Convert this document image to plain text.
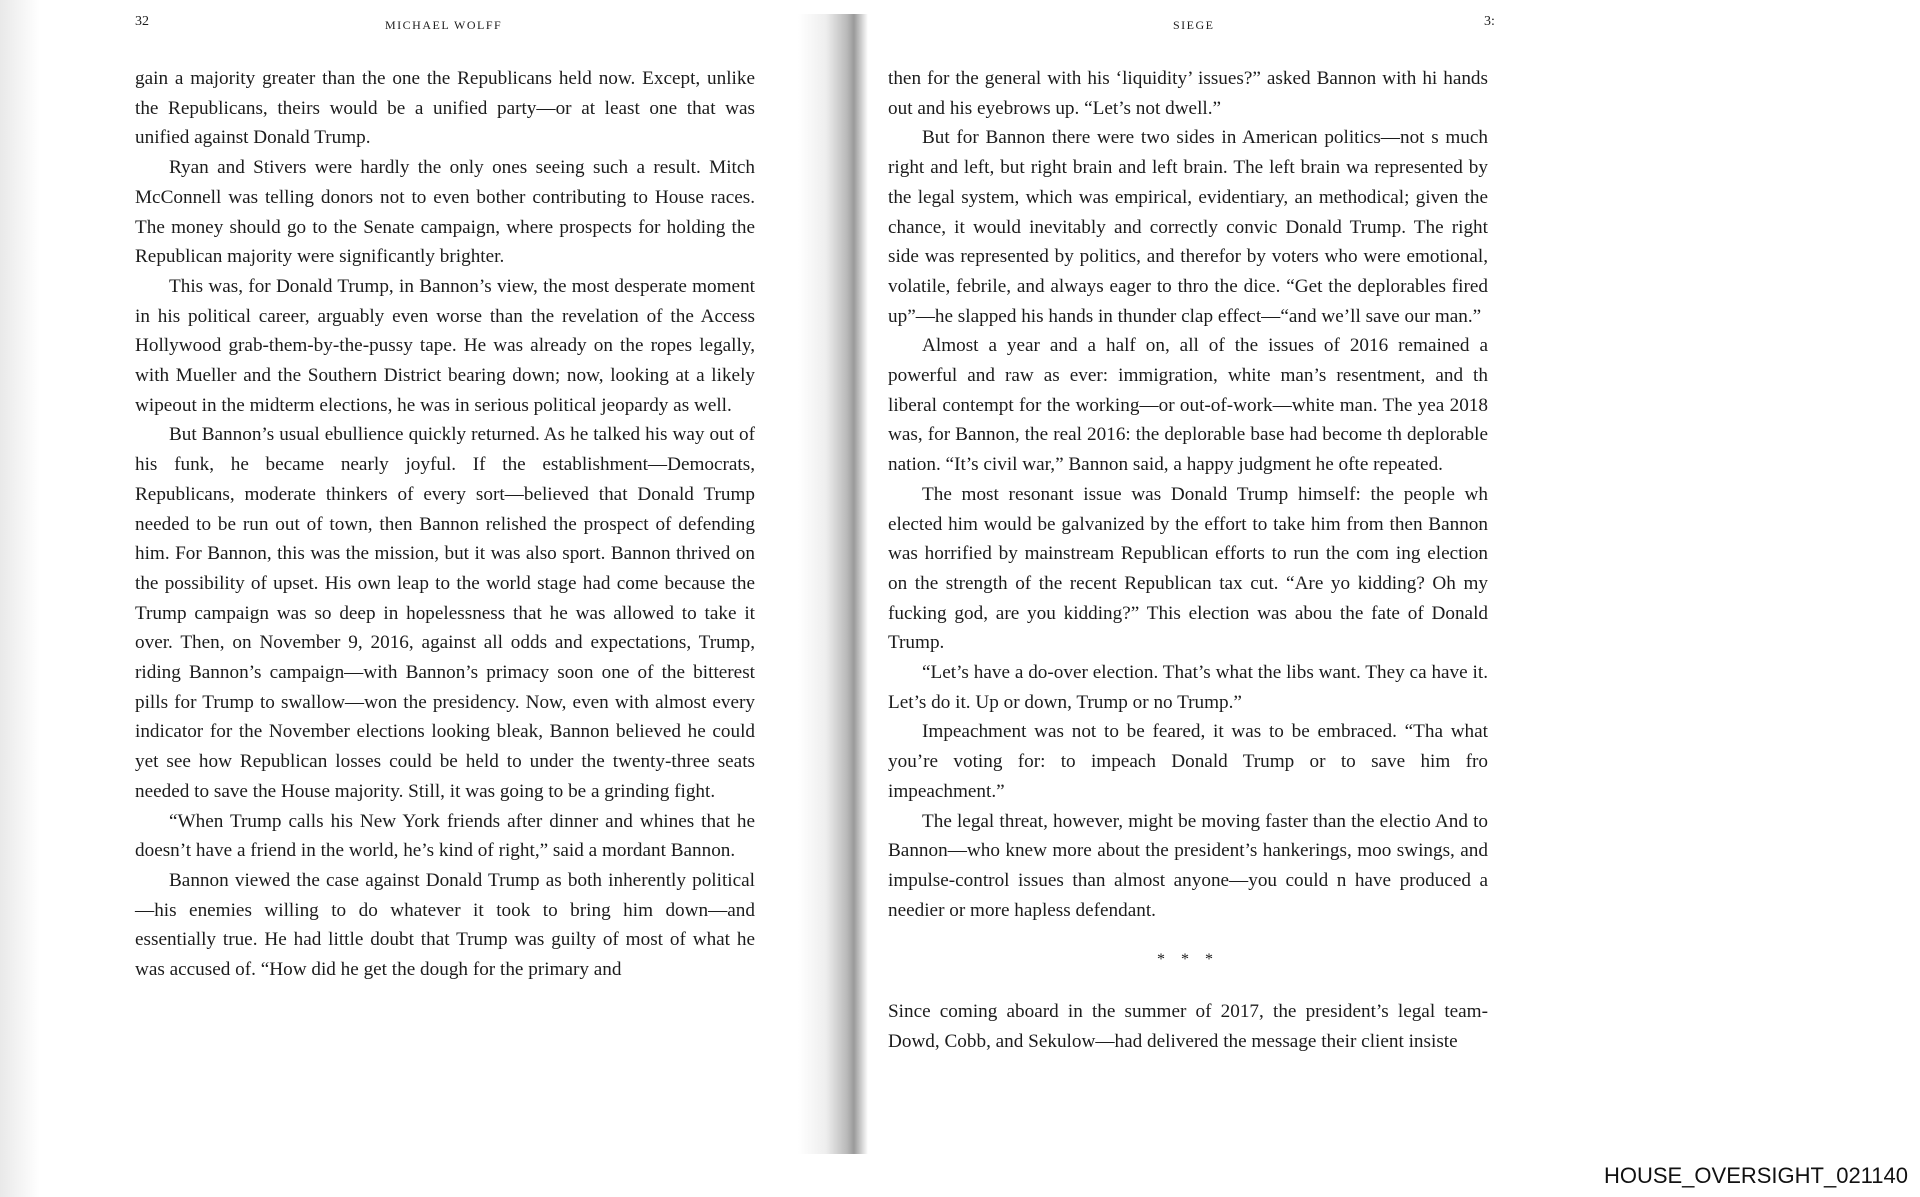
32	MICHAEL WOLFF

gain a majority greater than the one the Republicans held now. Except, unlike the Republicans, theirs would be a unified party—or at least one that was unified against Donald Trump.

Ryan and Stivers were hardly the only ones seeing such a result. Mitch McConnell was telling donors not to even bother contributing to House races. The money should go to the Senate campaign, where prospects for holding the Republican majority were significantly brighter.

This was, for Donald Trump, in Bannon’s view, the most desperate moment in his political career, arguably even worse than the revelation of the Access Hollywood grab-them-by-the-pussy tape. He was already on the ropes legally, with Mueller and the Southern District bearing down; now, looking at a likely wipeout in the midterm elections, he was in serious political jeopardy as well.

But Bannon’s usual ebullience quickly returned. As he talked his way out of his funk, he became nearly joyful. If the establishment—Democrats, Republicans, moderate thinkers of every sort—believed that Donald Trump needed to be run out of town, then Bannon relished the prospect of defending him. For Bannon, this was the mission, but it was also sport. Bannon thrived on the possibility of upset. His own leap to the world stage had come because the Trump campaign was so deep in hopelessness that he was allowed to take it over. Then, on November 9, 2016, against all odds and expectations, Trump, riding Bannon’s campaign—with Bannon’s primacy soon one of the bitterest pills for Trump to swallow—won the presidency. Now, even with almost every indicator for the November elections looking bleak, Bannon believed he could yet see how Republican losses could be held to under the twenty-three seats needed to save the House majority. Still, it was going to be a grinding fight.

“When Trump calls his New York friends after dinner and whines that he doesn’t have a friend in the world, he’s kind of right,” said a mordant Bannon.

Bannon viewed the case against Donald Trump as both inherently political—his enemies willing to do whatever it took to bring him down—and essentially true. He had little doubt that Trump was guilty of most of what he was accused of. “How did he get the dough for the primary and

SIEGE	3:

then for the general with his ‘liquidity’ issues?” asked Bannon with hi hands out and his eyebrows up. “Let’s not dwell.”

But for Bannon there were two sides in American politics—not s much right and left, but right brain and left brain. The left brain wa represented by the legal system, which was empirical, evidentiary, an methodical; given the chance, it would inevitably and correctly convic Donald Trump. The right side was represented by politics, and therefor by voters who were emotional, volatile, febrile, and always eager to thro the dice. “Get the deplorables fired up”—he slapped his hands in thunder clap effect—“and we’ll save our man.”

Almost a year and a half on, all of the issues of 2016 remained a powerful and raw as ever: immigration, white man’s resentment, and th liberal contempt for the working—or out-of-work—white man. The yea 2018 was, for Bannon, the real 2016: the deplorable base had become th deplorable nation. “It’s civil war,” Bannon said, a happy judgment he ofte repeated.

The most resonant issue was Donald Trump himself: the people wh elected him would be galvanized by the effort to take him from then Bannon was horrified by mainstream Republican efforts to run the com ing election on the strength of the recent Republican tax cut. “Are yo kidding? Oh my fucking god, are you kidding?” This election was abou the fate of Donald Trump.

“Let’s have a do-over election. That’s what the libs want. They ca have it. Let’s do it. Up or down, Trump or no Trump.”

Impeachment was not to be feared, it was to be embraced. “Tha what you’re voting for: to impeach Donald Trump or to save him fro impeachment.”

The legal threat, however, might be moving faster than the electio And to Bannon—who knew more about the president’s hankerings, moo swings, and impulse-control issues than almost anyone—you could n have produced a needier or more hapless defendant.

* * *

Since coming aboard in the summer of 2017, the president’s legal team-Dowd, Cobb, and Sekulow—had delivered the message their client insiste

HOUSE_OVERSIGHT_021140
